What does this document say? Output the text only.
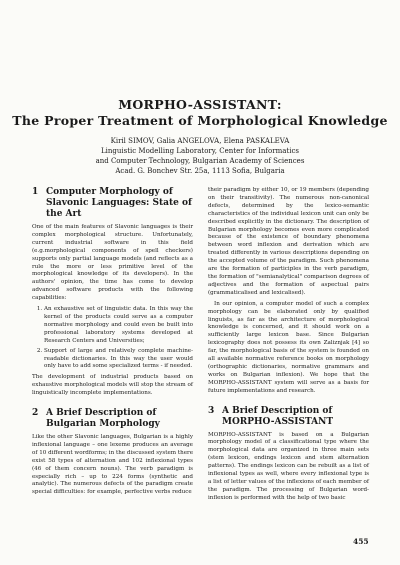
MORPHO-ASSISTANT:
The Proper Treatment of Morphological Knowledge
Kiril SIMOV, Galia ANGELOVA, Elena PASKALEVA
Linguistic Modelling Laboratory, Center for Informatics
and Computer Technology, Bulgarian Academy of Sciences
Acad. G. Bonchev Str. 25a, 1113 Sofia, Bulgaria
1 Computer Morphology of Slavonic Languages: State of the Art

One of the main features of Slavonic languages is their complex morphological structure. Unfortunately, current industrial software in this field (e.g.morphological components of spell checkers) supports only partial language models (and reflects as a rule the more or less primitive level of the morphological knowledge of its developers). In the authors' opinion, the time has come to develop advanced software products with the following capabilities:

1. An exhaustive set of linguistic data. In this way the kernel of the products could serve as a computer normative morphology and could even be built into professional laboratory systems developed at Research Centers and Universities;
2. Support of large and relatively complete machine-readable dictionaries. In this way the user would only have to add some specialized terms - if needed.

The development of industrial products based on exhaustive morphological models will stop the stream of linguistically incomplete implementations.

2 A Brief Description of Bulgarian Morphology

Like the other Slavonic languages, Bulgarian is a highly inflexional language – one lexeme produces an average of 10 different wordforms; in the discussed system there exist 58 types of alternation and 102 inflexional types (46 of them concern nouns). The verb paradigm is especially rich – up to 224 forms (synthetic and analytic). The numerous defects of the paradigm create special difficulties: for example, perfective verbs reduce

their paradigm by either 10, or 19 members (depending on their transitivity). The numerous non-canonical defects, determined by the lexico-semantic characteristics of the individual lexicon unit can only be described explicitly in the dictionary. The description of Bulgarian morphology becomes even more complicated because of the existence of boundary phenomena between word inflexion and derivation which are treated differently in various descriptions depending on the accepted volume of the paradigm. Such phenomena are the formation of participles in the verb paradigm, the formation of "semianalytical" comparison degrees of adjectives and the formation of aspectual pairs (grammaticalised and lexicalised).

In our opinion, a computer model of such a complex morphology can be elaborated only by qualified linguists, as far as the architecture of morphological knowledge is concerned, and it should work on a sufficiently large lexicon base. Since Bulgarian lexicography does not possess its own Zaliznjak [4] so far, the morphological basis of the system is founded on all available normative reference books on morphology (orthographic dictionaries, normative grammars and works on Bulgarian inflexion). We hope that the MORPHO-ASSISTANT system will serve as a basis for future implementations and research.

3 A Brief Description of MORPHO-ASSISTANT

MORPHO-ASSISTANT is based on a Bulgarian morphology model of a classificational type where the morphological data are organized in three main sets (stem lexicon, endings lexicon and stem alternation patterns). The endings lexicon can be rebuilt as a list of inflexional types as well, where every inflexional type is a list of letter values of the inflexions of each member of the paradigm. The processing of Bulgarian word-inflexion is performed with the help of two basic

455
